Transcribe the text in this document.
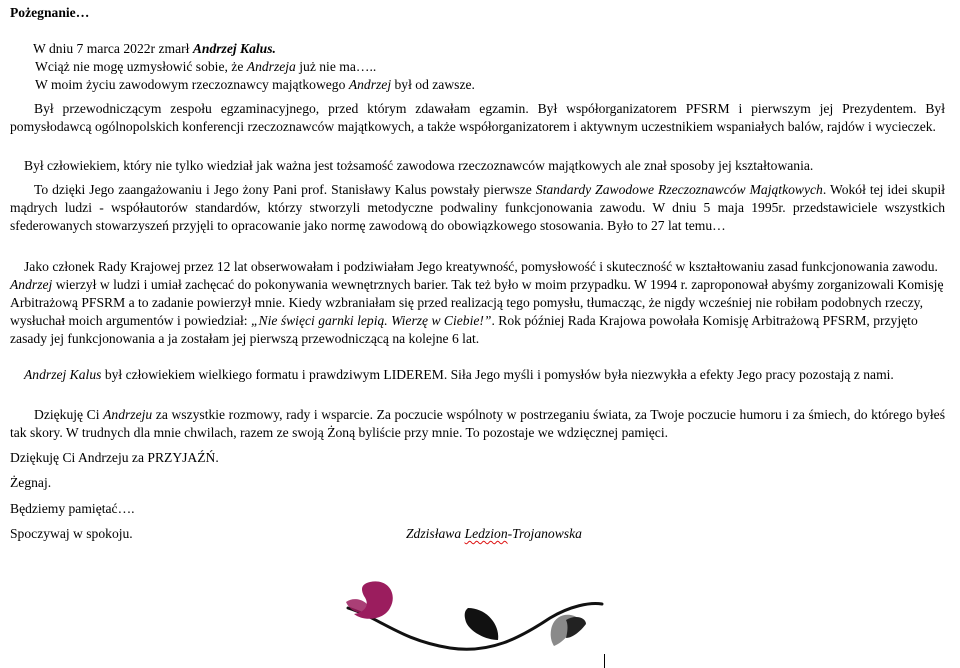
Pożegnanie…

W dniu 7 marca 2022r zmarł Andrzej Kalus.
Wciąż nie mogę uzmysłowić sobie, że Andrzeja już nie ma…..
W moim życiu zawodowym rzeczoznawcy majątkowego Andrzej był od zawsze.

Był przewodniczącym zespołu egzaminacyjnego, przed którym zdawałam egzamin. Był współorganizatorem PFSRM i pierwszym jej Prezydentem. Był pomysłodawcą ogólnopolskich konferencji rzeczoznawców majątkowych, a także współorganizatorem i aktywnym uczestnikiem wspaniałych balów, rajdów i wycieczek.

Był człowiekiem, który nie tylko wiedział jak ważna jest tożsamość zawodowa rzeczoznawców majątkowych ale znał sposoby jej kształtowania.

To dzięki Jego zaangażowaniu i Jego żony Pani prof. Stanisławy Kalus powstały pierwsze Standardy Zawodowe Rzeczoznawców Majątkowych. Wokół tej idei skupił mądrych ludzi - współautorów standardów, którzy stworzyli metodyczne podwaliny funkcjonowania zawodu. W dniu 5 maja 1995r. przedstawiciele wszystkich sfederowanych stowarzyszeń przyjęli to opracowanie jako normę zawodową do obowiązkowego stosowania. Było to 27 lat temu…

Jako członek Rady Krajowej przez 12 lat obserwowałam i podziwiałam Jego kreatywność, pomysłowość i skuteczność w kształtowaniu zasad funkcjonowania zawodu. Andrzej wierzył w ludzi i umiał zachęcać do pokonywania wewnętrznych barier. Tak też było w moim przypadku. W 1994 r. zaproponował abyśmy zorganizowali Komisję Arbitrażową PFSRM a to zadanie powierzył mnie. Kiedy wzbraniałam się przed realizacją tego pomysłu, tłumacząc, że nigdy wcześniej nie robiłam podobnych rzeczy, wysłuchał moich argumentów i powiedział: „Nie święci garnki lepią. Wierzę w Ciebie!”. Rok później Rada Krajowa powołała Komisję Arbitrażową PFSRM, przyjęto zasady jej funkcjonowania a ja zostałam jej pierwszą przewodniczącą na kolejne 6 lat.

Andrzej Kalus był człowiekiem wielkiego formatu i prawdziwym LIDEREM. Siła Jego myśli i pomysłów była niezwykła a efekty Jego pracy pozostają z nami.

Dziękuję Ci Andrzeju za wszystkie rozmowy, rady i wsparcie. Za poczucie wspólnoty w postrzeganiu świata, za Twoje poczucie humoru i za śmiech, do którego byłeś tak skory. W trudnych dla mnie chwilach, razem ze swoją Żoną byliście przy mnie. To pozostaje we wdzięcznej pamięci.

Dziękuję Ci Andrzeju za PRZYJAŹŃ.

Żegnaj.

Będziemy pamiętać….

Spoczywaj w spokoju.	Zdzisława Ledzion-Trojanowska
